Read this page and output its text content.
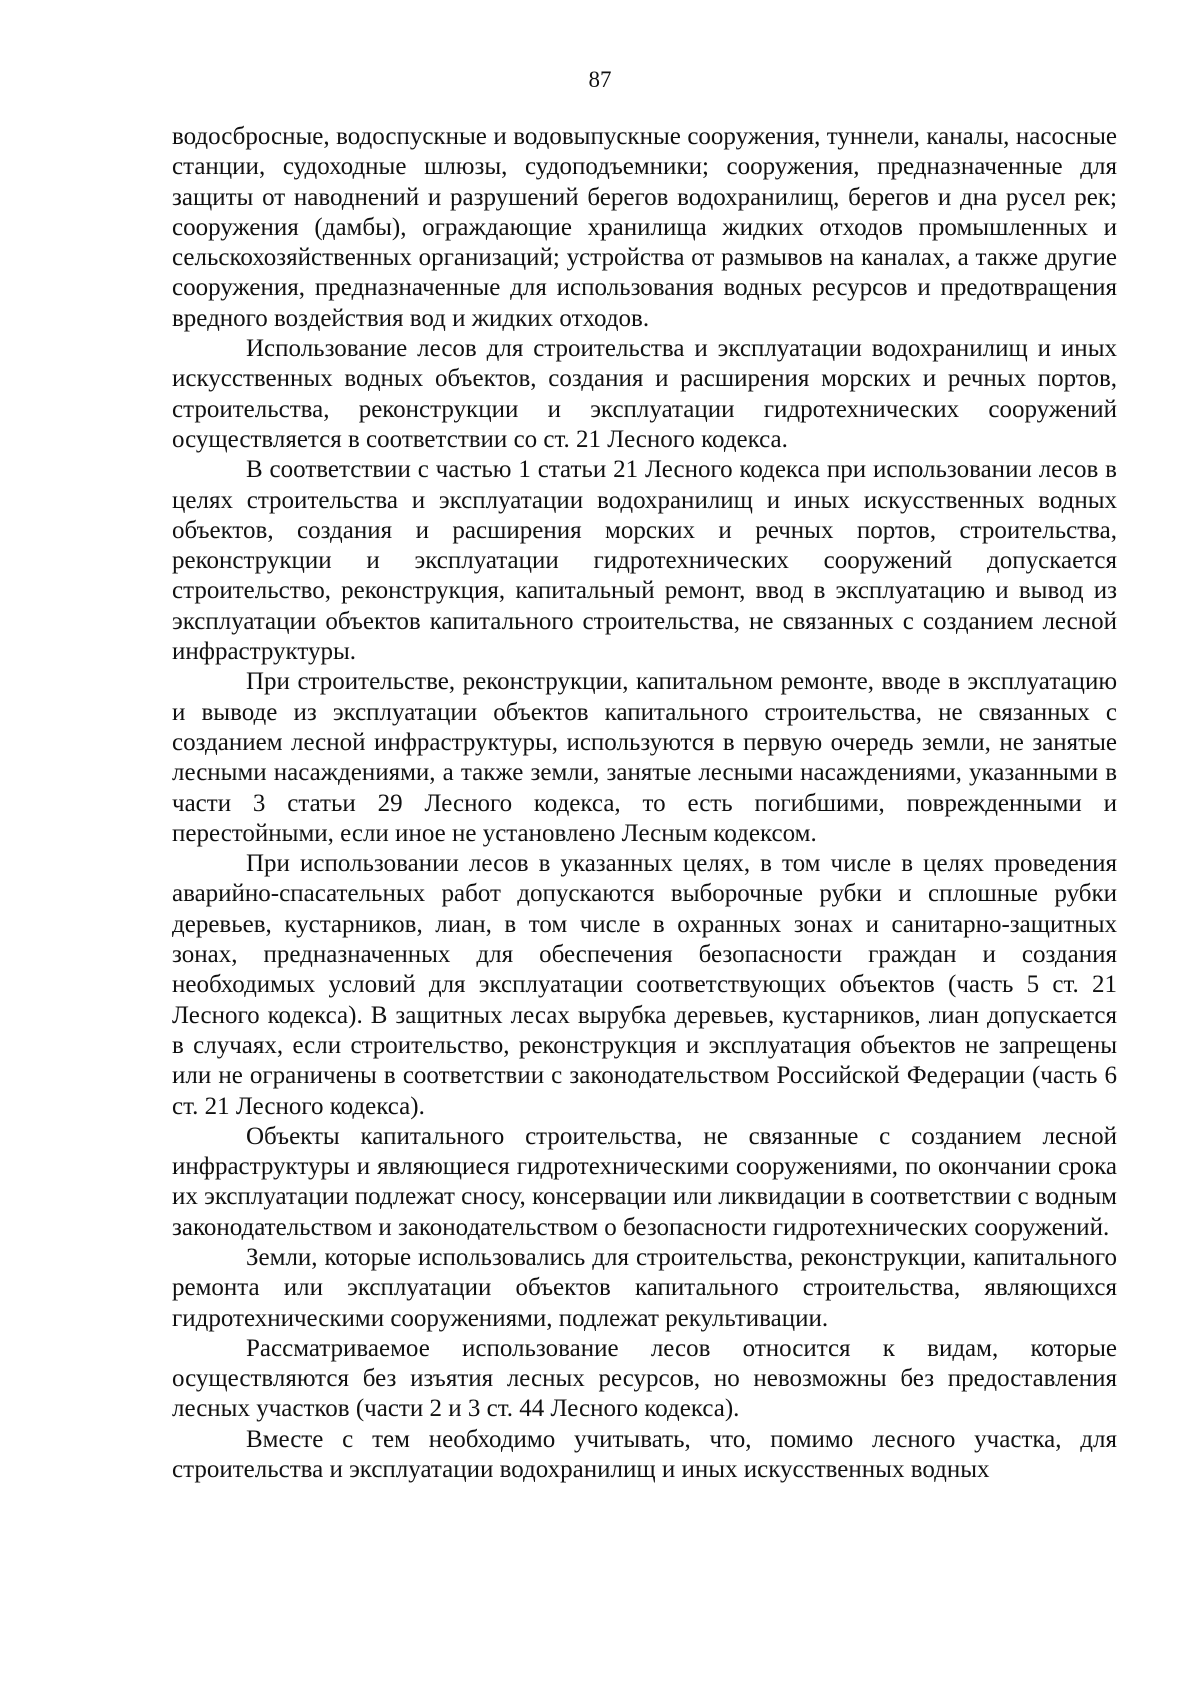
87

водосбросные, водоспускные и водовыпускные сооружения, туннели, каналы, насосные станции, судоходные шлюзы, судоподъемники; сооружения, предназначенные для защиты от наводнений и разрушений берегов водохранилищ, берегов и дна русел рек; сооружения (дамбы), ограждающие хранилища жидких отходов промышленных и сельскохозяйственных организаций; устройства от размывов на каналах, а также другие сооружения, предназначенные для использования водных ресурсов и предотвращения вредного воздействия вод и жидких отходов.

Использование лесов для строительства и эксплуатации водохранилищ и иных искусственных водных объектов, создания и расширения морских и речных портов, строительства, реконструкции и эксплуатации гидротехнических сооружений осуществляется в соответствии со ст. 21 Лесного кодекса.

В соответствии с частью 1 статьи 21 Лесного кодекса при использовании лесов в целях строительства и эксплуатации водохранилищ и иных искусственных водных объектов, создания и расширения морских и речных портов, строительства, реконструкции и эксплуатации гидротехнических сооружений допускается строительство, реконструкция, капитальный ремонт, ввод в эксплуатацию и вывод из эксплуатации объектов капитального строительства, не связанных с созданием лесной инфраструктуры.

При строительстве, реконструкции, капитальном ремонте, вводе в эксплуатацию и выводе из эксплуатации объектов капитального строительства, не связанных с созданием лесной инфраструктуры, используются в первую очередь земли, не занятые лесными насаждениями, а также земли, занятые лесными насаждениями, указанными в части 3 статьи 29 Лесного кодекса, то есть погибшими, поврежденными и перестойными, если иное не установлено Лесным кодексом.

При использовании лесов в указанных целях, в том числе в целях проведения аварийно-спасательных работ допускаются выборочные рубки и сплошные рубки деревьев, кустарников, лиан, в том числе в охранных зонах и санитарно-защитных зонах, предназначенных для обеспечения безопасности граждан и создания необходимых условий для эксплуатации соответствующих объектов (часть 5 ст. 21 Лесного кодекса). В защитных лесах вырубка деревьев, кустарников, лиан допускается в случаях, если строительство, реконструкция и эксплуатация объектов не запрещены или не ограничены в соответствии с законодательством Российской Федерации (часть 6 ст. 21 Лесного кодекса).

Объекты капитального строительства, не связанные с созданием лесной инфраструктуры и являющиеся гидротехническими сооружениями, по окончании срока их эксплуатации подлежат сносу, консервации или ликвидации в соответствии с водным законодательством и законодательством о безопасности гидротехнических сооружений.

Земли, которые использовались для строительства, реконструкции, капитального ремонта или эксплуатации объектов капитального строительства, являющихся гидротехническими сооружениями, подлежат рекультивации.

Рассматриваемое использование лесов относится к видам, которые осуществляются без изъятия лесных ресурсов, но невозможны без предоставления лесных участков (части 2 и 3 ст. 44 Лесного кодекса).

Вместе с тем необходимо учитывать, что, помимо лесного участка, для строительства и эксплуатации водохранилищ и иных искусственных водных
